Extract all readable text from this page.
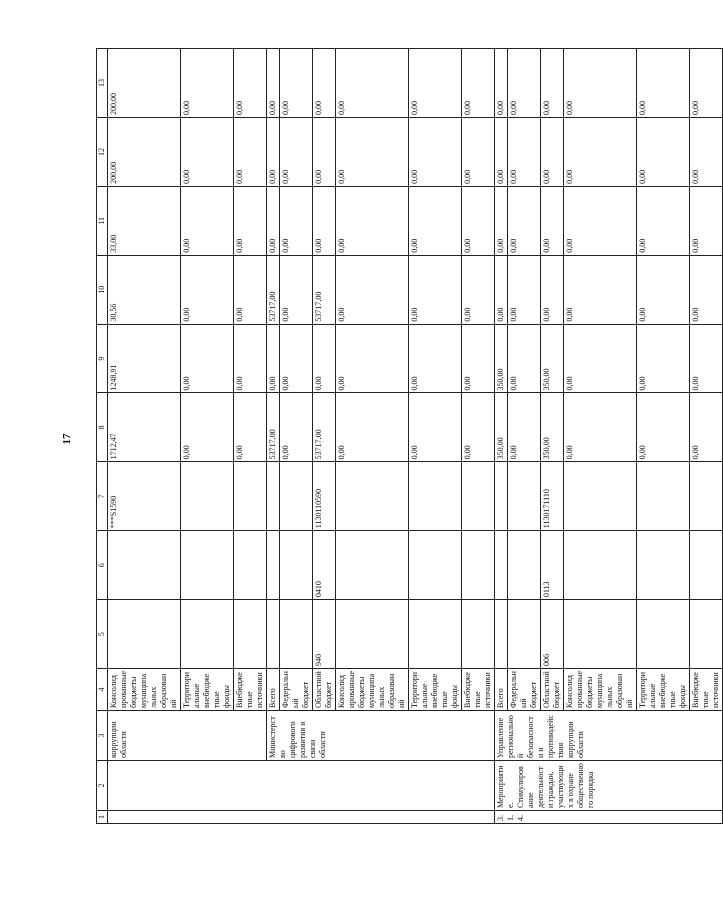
17
1	2	3	4	5	6	7	8	9	10	11	12	13
		коррупции области	Консолидированные бюджеты муниципальных образований			***S1590	1712,47	1248,91	30,56	33,00	200,00	200,00
			Территориальные внебюджетные фонды				0,00	0,00	0,00	0,00	0,00	0,00
			Внебюджетные источники				0,00	0,00	0,00	0,00	0,00	0,00
		Министерство цифрового развития и связи области	Всего				53717,00	0,00	53717,00	0,00	0,00	0,00
			Федеральный бюджет				0,00	0,00	0,00	0,00	0,00	0,00
			Областной бюджет	940	0410	1130110590	53717,00	0,00	53717,00	0,00	0,00	0,00
			Консолидированные бюджеты муниципальных образований				0,00	0,00	0,00	0,00	0,00	0,00
			Территориальные внебюджетные фонды				0,00	0,00	0,00	0,00	0,00	0,00
			Внебюджетные источники				0,00	0,00	0,00	0,00	0,00	0,00
3.1.4.	Мероприятие. Стимулирование деятельности граждан, участвующих в охране общественного порядка	Управление региональной безопасности и противодействия коррупции области	Всего				350,00	350,00	0,00	0,00	0,00	0,00
			Федеральный бюджет				0,00	0,00	0,00	0,00	0,00	0,00
			Областной бюджет	006	0113	1130171110	350,00	350,00	0,00	0,00	0,00	0,00
			Консолидированные бюджеты муниципальных образований				0,00	0,00	0,00	0,00	0,00	0,00
			Территориальные внебюджетные фонды				0,00	0,00	0,00	0,00	0,00	0,00
			Внебюджетные источники				0,00	0,00	0,00	0,00	0,00	0,00
